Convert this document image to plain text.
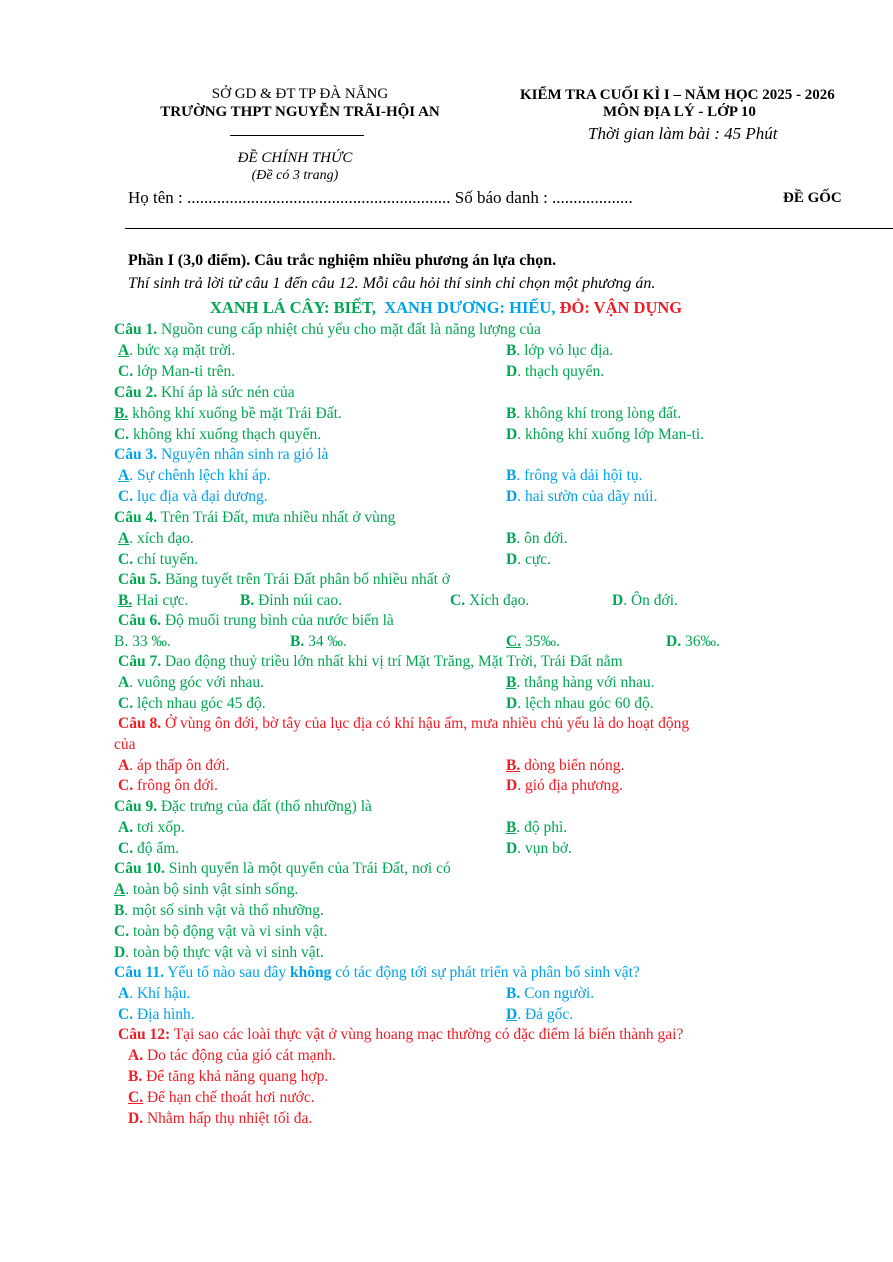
SỞ GD & ĐT TP ĐÀ NẴNG
TRƯỜNG THPT NGUYỄN TRÃI-HỘI AN
KIỂM TRA CUỐI KÌ I – NĂM HỌC 2025 - 2026
MÔN ĐỊA LÝ - LỚP 10
Thời gian làm bài : 45 Phút
ĐỀ CHÍNH THỨC
(Đề có 3 trang)
Họ tên : .............................................................. Số báo danh : ...................	ĐỀ GỐC
Phần I (3,0 điểm). Câu trắc nghiệm nhiều phương án lựa chọn.
Thí sinh trả lời từ câu 1 đến câu 12. Mỗi câu hỏi thí sinh chỉ chọn một phương án.
XANH LÁ CÂY: BIẾT, XANH DƯƠNG: HIỂU, ĐỎ: VẬN DỤNG
Câu 1. Nguồn cung cấp nhiệt chủ yếu cho mặt đất là năng lượng của
A. bức xạ mặt trời.	B. lớp vỏ lục địa.
C. lớp Man-ti trên.	D. thạch quyển.
Câu 2. Khí áp là sức nén của
B. không khí xuống bề mặt Trái Đất.	B. không khí trong lòng đất.
C. không khí xuống thạch quyển.	D. không khí xuống lớp Man-ti.
Câu 3. Nguyên nhân sinh ra gió là
A. Sự chênh lệch khí áp.	B. frông và dải hội tụ.
C. lục địa và đại dương.	D. hai sườn của dãy núi.
Câu 4. Trên Trái Đất, mưa nhiều nhất ở vùng
A. xích đạo.	B. ôn đới.
C. chí tuyến.	D. cực.
Câu 5. Băng tuyết trên Trái Đất phân bố nhiều nhất ở
B. Hai cực.	B. Đỉnh núi cao.	C. Xích đạo.	D. Ôn đới.
Câu 6. Độ muối trung bình của nước biển là
B. 33 ‰.	B. 34 ‰.	C. 35‰.	D. 36‰.
Câu 7. Dao động thuỷ triều lớn nhất khi vị trí Mặt Trăng, Mặt Trời, Trái Đất nằm
A. vuông góc với nhau.	B. thẳng hàng với nhau.
C. lệch nhau góc 45 độ.	D. lệch nhau góc 60 độ.
Câu 8. Ở vùng ôn đới, bờ tây của lục địa có khí hậu ấm, mưa nhiều chủ yếu là do hoạt động
của
A. áp thấp ôn đới.	B. dòng biển nóng.
C. frông ôn đới.	D. gió địa phương.
Câu 9. Đặc trưng của đất (thổ nhưỡng) là
A. tơi xốp.	B. độ phì.
C. độ ẩm.	D. vụn bở.
Câu 10. Sinh quyển là một quyển của Trái Đất, nơi có
A. toàn bộ sinh vật sinh sống.
B. một số sinh vật và thổ nhưỡng.
C. toàn bộ động vật và vi sinh vật.
D. toàn bộ thực vật và vi sinh vật.
Câu 11. Yếu tố nào sau đây không có tác động tới sự phát triển và phân bố sinh vật?
A. Khí hậu.	B. Con người.
C. Địa hình.	D. Đá gốc.
Câu 12: Tại sao các loài thực vật ở vùng hoang mạc thường có đặc điểm lá biến thành gai?
A. Do tác động của gió cát mạnh.
B. Để tăng khả năng quang hợp.
C. Để hạn chế thoát hơi nước.
D. Nhằm hấp thụ nhiệt tối đa.
